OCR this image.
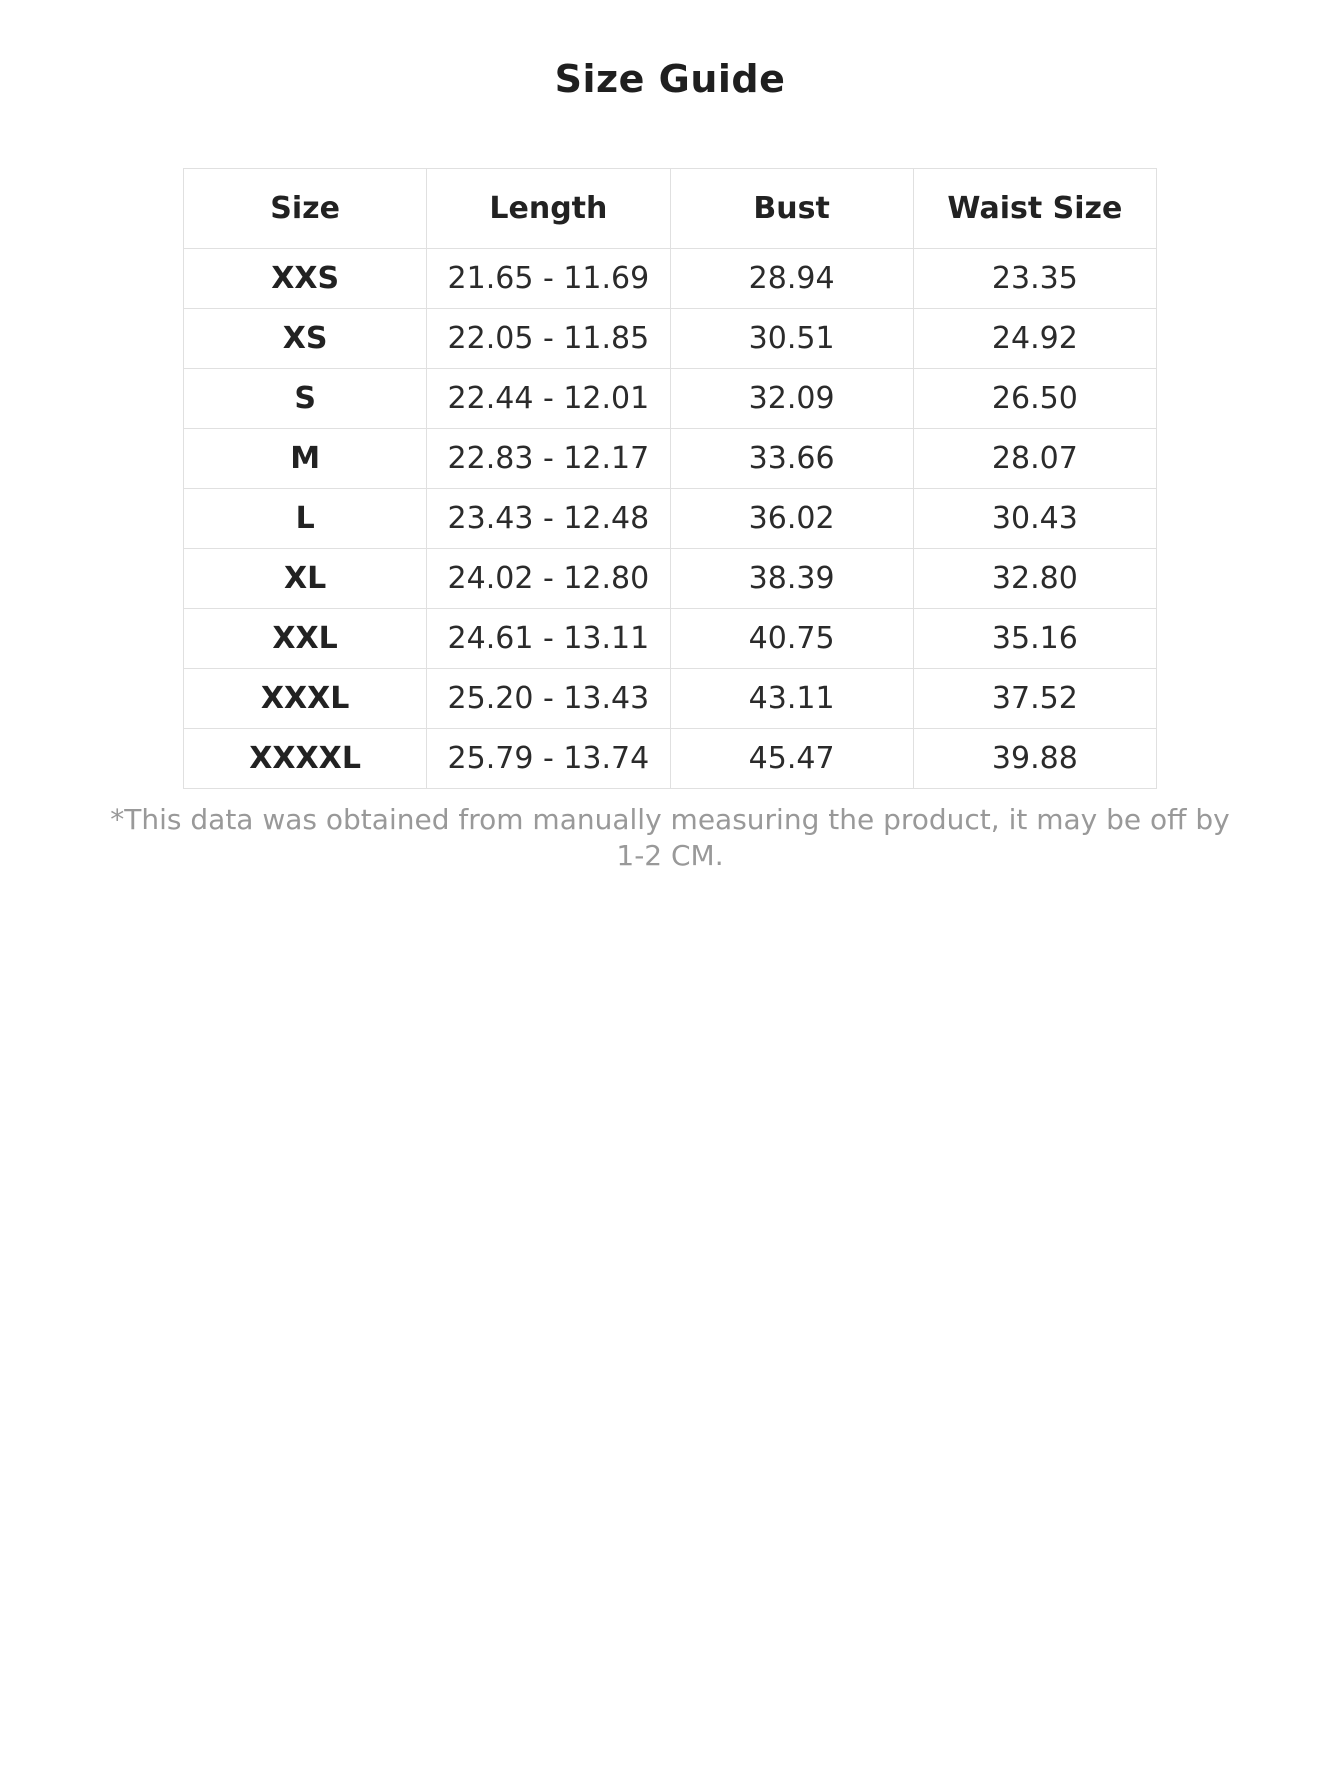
Size Guide
Size	Length	Bust	Waist Size
XXS	21.65 - 11.69	28.94	23.35
XS	22.05 - 11.85	30.51	24.92
S	22.44 - 12.01	32.09	26.50
M	22.83 - 12.17	33.66	28.07
L	23.43 - 12.48	36.02	30.43
XL	24.02 - 12.80	38.39	32.80
XXL	24.61 - 13.11	40.75	35.16
XXXL	25.20 - 13.43	43.11	37.52
XXXXL	25.79 - 13.74	45.47	39.88
*This data was obtained from manually measuring the product, it may be off by 1-2 CM.
